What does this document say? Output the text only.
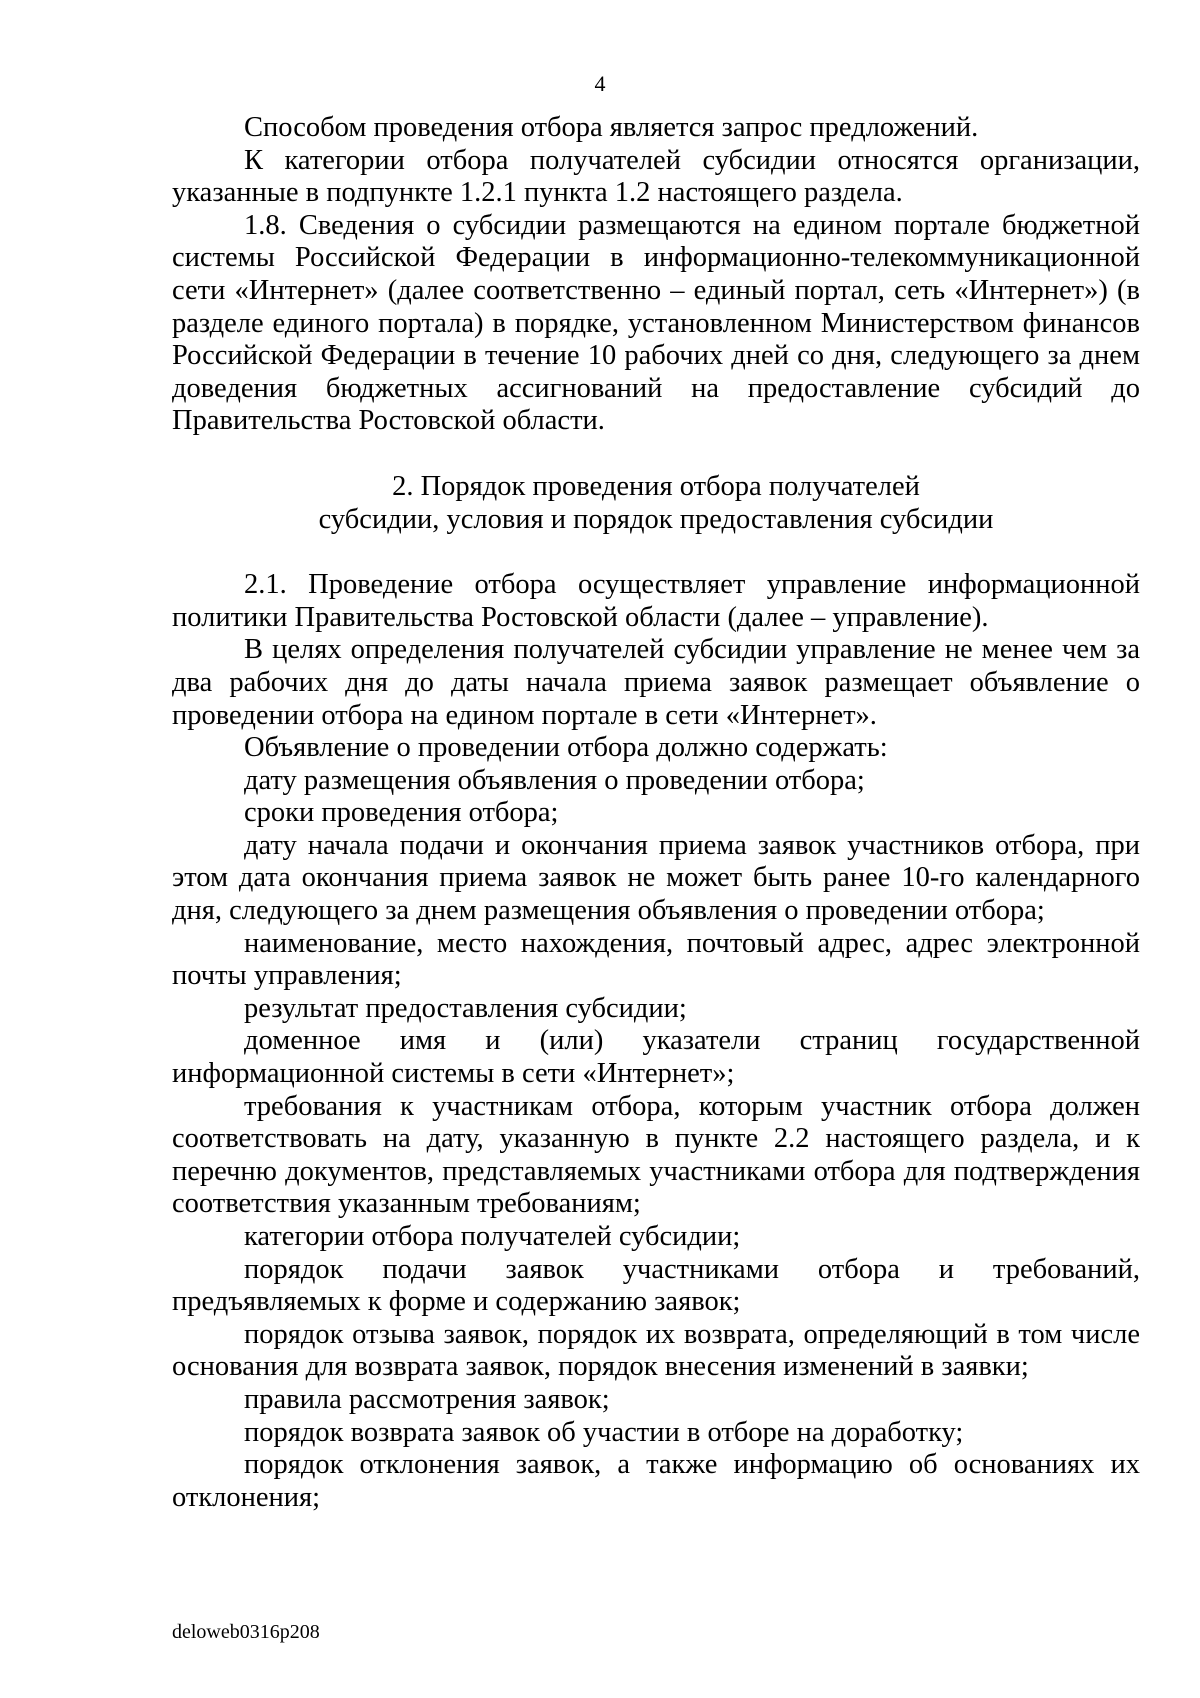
4

Способом проведения отбора является запрос предложений.

К категории отбора получателей субсидии относятся организации, указанные в подпункте 1.2.1 пункта 1.2 настоящего раздела.

1.8. Сведения о субсидии размещаются на едином портале бюджетной системы Российской Федерации в информационно-телекоммуникационной сети «Интернет» (далее соответственно – единый портал, сеть «Интернет») (в разделе единого портала) в порядке, установленном Министерством финансов Российской Федерации в течение 10 рабочих дней со дня, следующего за днем доведения бюджетных ассигнований на предоставление субсидий до Правительства Ростовской области.

2. Порядок проведения отбора получателей
субсидии, условия и порядок предоставления субсидии

2.1. Проведение отбора осуществляет управление информационной политики Правительства Ростовской области (далее – управление).

В целях определения получателей субсидии управление не менее чем за два рабочих дня до даты начала приема заявок размещает объявление о проведении отбора на едином портале в сети «Интернет».

Объявление о проведении отбора должно содержать:

дату размещения объявления о проведении отбора;

сроки проведения отбора;

дату начала подачи и окончания приема заявок участников отбора, при этом дата окончания приема заявок не может быть ранее 10-го календарного дня, следующего за днем размещения объявления о проведении отбора;

наименование, место нахождения, почтовый адрес, адрес электронной почты управления;

результат предоставления субсидии;

доменное имя и (или) указатели страниц государственной информационной системы в сети «Интернет»;

требования к участникам отбора, которым участник отбора должен соответствовать на дату, указанную в пункте 2.2 настоящего раздела, и к перечню документов, представляемых участниками отбора для подтверждения соответствия указанным требованиям;

категории отбора получателей субсидии;

порядок подачи заявок участниками отбора и требований, предъявляемых к форме и содержанию заявок;

порядок отзыва заявок, порядок их возврата, определяющий в том числе основания для возврата заявок, порядок внесения изменений в заявки;

правила рассмотрения заявок;

порядок возврата заявок об участии в отборе на доработку;

порядок отклонения заявок, а также информацию об основаниях их отклонения;

deloweb0316p208
